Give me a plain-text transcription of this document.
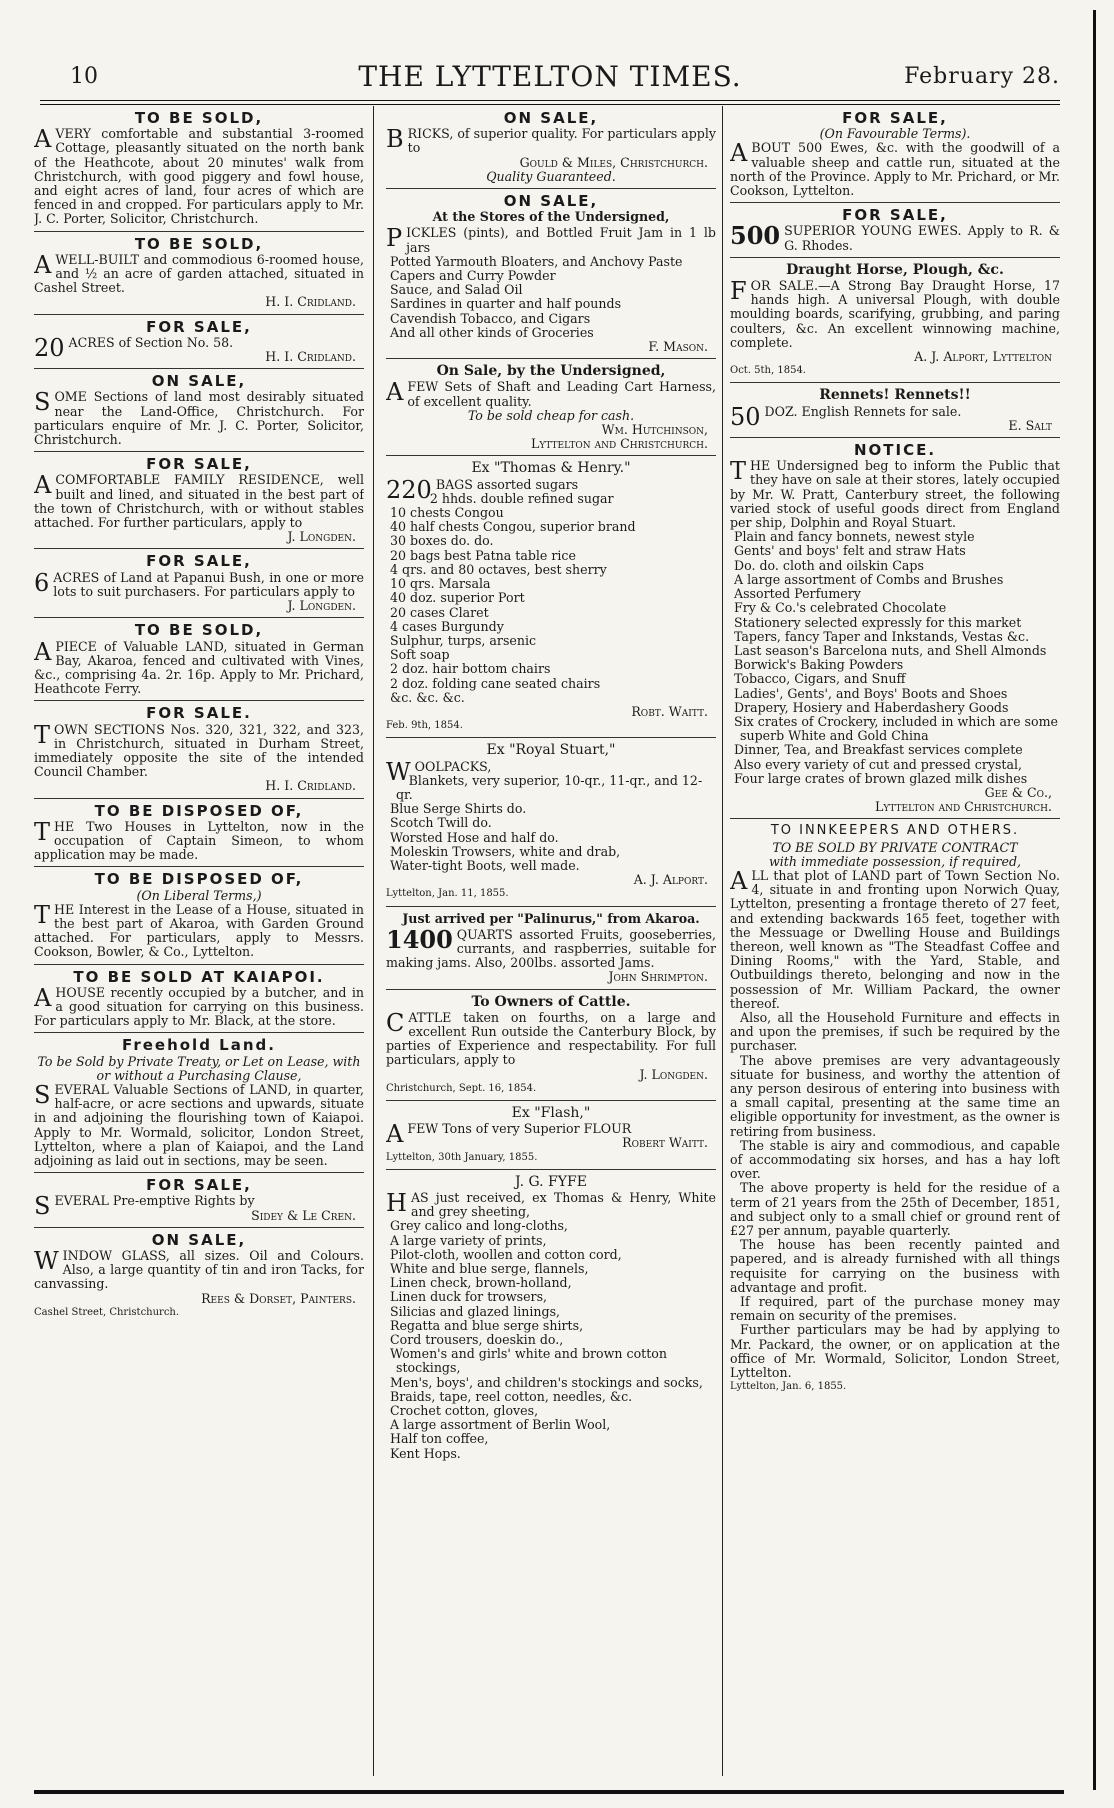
10	THE LYTTELTON TIMES.	February 28.
TO BE SOLD,

AVERY comfortable and substantial 3-roomed Cottage, pleasantly situated on the north bank of the Heathcote, about 20 minutes' walk from Christchurch, with good piggery and fowl house, and eight acres of land, four acres of which are fenced in and cropped. For particulars apply to Mr. J. C. Porter, Solicitor, Christchurch.

TO BE SOLD,

AWELL-BUILT and commodious 6-roomed house, and ½ an acre of garden attached, situated in Cashel Street.

H. I. Cridland.
FOR SALE,

20 ACRES of Section No. 58.

H. I. Cridland.
ON SALE,

SOME Sections of land most desirably situated near the Land-Office, Christchurch. For particulars enquire of Mr. J. C. Porter, Solicitor, Christchurch.

FOR SALE,

ACOMFORTABLE FAMILY RESIDENCE, well built and lined, and situated in the best part of the town of Christchurch, with or without stables attached. For further particulars, apply to

J. Longden.
FOR SALE,

6 ACRES of Land at Papanui Bush, in one or more lots to suit purchasers. For particulars apply to

J. Longden.
TO BE SOLD,

APIECE of Valuable LAND, situated in German Bay, Akaroa, fenced and cultivated with Vines, &c., comprising 4a. 2r. 16p. Apply to Mr. Prichard, Heathcote Ferry.

FOR SALE.

TOWN SECTIONS Nos. 320, 321, 322, and 323, in Christchurch, situated in Durham Street, immediately opposite the site of the intended Council Chamber.

H. I. Cridland.
TO BE DISPOSED OF,

THE Two Houses in Lyttelton, now in the occupation of Captain Simeon, to whom application may be made.

TO BE DISPOSED OF,
(On Liberal Terms,)

THE Interest in the Lease of a House, situated in the best part of Akaroa, with Garden Ground attached. For particulars, apply to Messrs. Cookson, Bowler, & Co., Lyttelton.

TO BE SOLD AT KAIAPOI.

AHOUSE recently occupied by a butcher, and in a good situation for carrying on this business. For particulars apply to Mr. Black, at the store.

Freehold Land.
To be Sold by Private Treaty, or Let on Lease, with or without a Purchasing Clause,

SEVERAL Valuable Sections of LAND, in quarter, half-acre, or acre sections and upwards, situate in and adjoining the flourishing town of Kaiapoi. Apply to Mr. Wormald, solicitor, London Street, Lyttelton, where a plan of Kaiapoi, and the Land adjoining as laid out in sections, may be seen.

FOR SALE,

SEVERAL Pre-emptive Rights by

Sidey & Le Cren.
ON SALE,

WINDOW GLASS, all sizes. Oil and Colours. Also, a large quantity of tin and iron Tacks, for canvassing.

Rees & Dorset, Painters.
Cashel Street, Christchurch.
ON SALE,

BRICKS, of superior quality. For particulars apply to

Gould & Miles, Christchurch.
Quality Guaranteed.
ON SALE,
At the Stores of the Undersigned,

PICKLES (pints), and Bottled Fruit Jam in 1 lb jars

Potted Yarmouth Bloaters, and Anchovy Paste
Capers and Curry Powder
Sauce, and Salad Oil
Sardines in quarter and half pounds
Cavendish Tobacco, and Cigars
And all other kinds of Groceries
F. Mason.
On Sale, by the Undersigned,

AFEW Sets of Shaft and Leading Cart Harness, of excellent quality.

To be sold cheap for cash.
Wm. Hutchinson,
Lyttelton and Christchurch.
Ex "Thomas & Henry."

220 BAGS assorted sugars

2 hhds. double refined sugar
10 chests Congou
40 half chests Congou, superior brand
30 boxes do. do.
20 bags best Patna table rice
4 qrs. and 80 octaves, best sherry
10 qrs. Marsala
40 doz. superior Port
20 cases Claret
4 cases Burgundy
Sulphur, turps, arsenic
Soft soap
2 doz. hair bottom chairs
2 doz. folding cane seated chairs
&c. &c. &c.
Robt. Waitt.
Feb. 9th, 1854.
Ex "Royal Stuart,"

WOOLPACKS,

Blankets, very superior, 10-qr., 11-qr., and 12-qr.
Blue Serge Shirts do.
Scotch Twill do.
Worsted Hose and half do.
Moleskin Trowsers, white and drab,
Water-tight Boots, well made.
A. J. Alport.
Lyttelton, Jan. 11, 1855.
Just arrived per "Palinurus," from Akaroa.

1400 QUARTS assorted Fruits, gooseberries, currants, and raspberries, suitable for making jams. Also, 200lbs. assorted Jams.

John Shrimpton.
To Owners of Cattle.

CATTLE taken on fourths, on a large and excellent Run outside the Canterbury Block, by parties of Experience and respectability. For full particulars, apply to

J. Longden.
Christchurch, Sept. 16, 1854.
Ex "Flash,"

AFEW Tons of very Superior FLOUR

Robert Waitt.
Lyttelton, 30th January, 1855.
J. G. FYFE

HAS just received, ex Thomas & Henry, White and grey sheeting,

Grey calico and long-cloths,
A large variety of prints,
Pilot-cloth, woollen and cotton cord,
White and blue serge, flannels,
Linen check, brown-holland,
Linen duck for trowsers,
Silicias and glazed linings,
Regatta and blue serge shirts,
Cord trousers, doeskin do.,
Women's and girls' white and brown cotton stockings,
Men's, boys', and children's stockings and socks,
Braids, tape, reel cotton, needles, &c.
Crochet cotton, gloves,
A large assortment of Berlin Wool,
Half ton coffee,
Kent Hops.
FOR SALE,
(On Favourable Terms).

ABOUT 500 Ewes, &c. with the goodwill of a valuable sheep and cattle run, situated at the north of the Province. Apply to Mr. Prichard, or Mr. Cookson, Lyttelton.

FOR SALE,

500 SUPERIOR YOUNG EWES. Apply to R. & G. Rhodes.

Draught Horse, Plough, &c.

FOR SALE.—A Strong Bay Draught Horse, 17 hands high. A universal Plough, with double moulding boards, scarifying, grubbing, and paring coulters, &c. An excellent winnowing machine, complete.

A. J. Alport, Lyttelton
Oct. 5th, 1854.
Rennets! Rennets!!

50 DOZ. English Rennets for sale.

E. Salt
NOTICE.

THE Undersigned beg to inform the Public that they have on sale at their stores, lately occupied by Mr. W. Pratt, Canterbury street, the following varied stock of useful goods direct from England per ship, Dolphin and Royal Stuart.

Plain and fancy bonnets, newest style
Gents' and boys' felt and straw Hats
Do. do. cloth and oilskin Caps
A large assortment of Combs and Brushes
Assorted Perfumery
Fry & Co.'s celebrated Chocolate
Stationery selected expressly for this market
Tapers, fancy Taper and Inkstands, Vestas &c.
Last season's Barcelona nuts, and Shell Almonds
Borwick's Baking Powders
Tobacco, Cigars, and Snuff
Ladies', Gents', and Boys' Boots and Shoes
Drapery, Hosiery and Haberdashery Goods
Six crates of Crockery, included in which are some superb White and Gold China
Dinner, Tea, and Breakfast services complete
Also every variety of cut and pressed crystal,
Four large crates of brown glazed milk dishes
Gee & Co.,
Lyttelton and Christchurch.
TO INNKEEPERS AND OTHERS.
TO BE SOLD BY PRIVATE CONTRACT
with immediate possession, if required,

ALL that plot of LAND part of Town Section No. 4, situate in and fronting upon Norwich Quay, Lyttelton, presenting a frontage thereto of 27 feet, and extending backwards 165 feet, together with the Messuage or Dwelling House and Buildings thereon, well known as "The Steadfast Coffee and Dining Rooms," with the Yard, Stable, and Outbuildings thereto, belonging and now in the possession of Mr. William Packard, the owner thereof.

Also, all the Household Furniture and effects in and upon the premises, if such be required by the purchaser.

The above premises are very advantageously situate for business, and worthy the attention of any person desirous of entering into business with a small capital, presenting at the same time an eligible opportunity for investment, as the owner is retiring from business.

The stable is airy and commodious, and capable of accommodating six horses, and has a hay loft over.

The above property is held for the residue of a term of 21 years from the 25th of December, 1851, and subject only to a small chief or ground rent of £27 per annum, payable quarterly.

The house has been recently painted and papered, and is already furnished with all things requisite for carrying on the business with advantage and profit.

If required, part of the purchase money may remain on security of the premises.

Further particulars may be had by applying to Mr. Packard, the owner, or on application at the office of Mr. Wormald, Solicitor, London Street, Lyttelton.

Lyttelton, Jan. 6, 1855.
